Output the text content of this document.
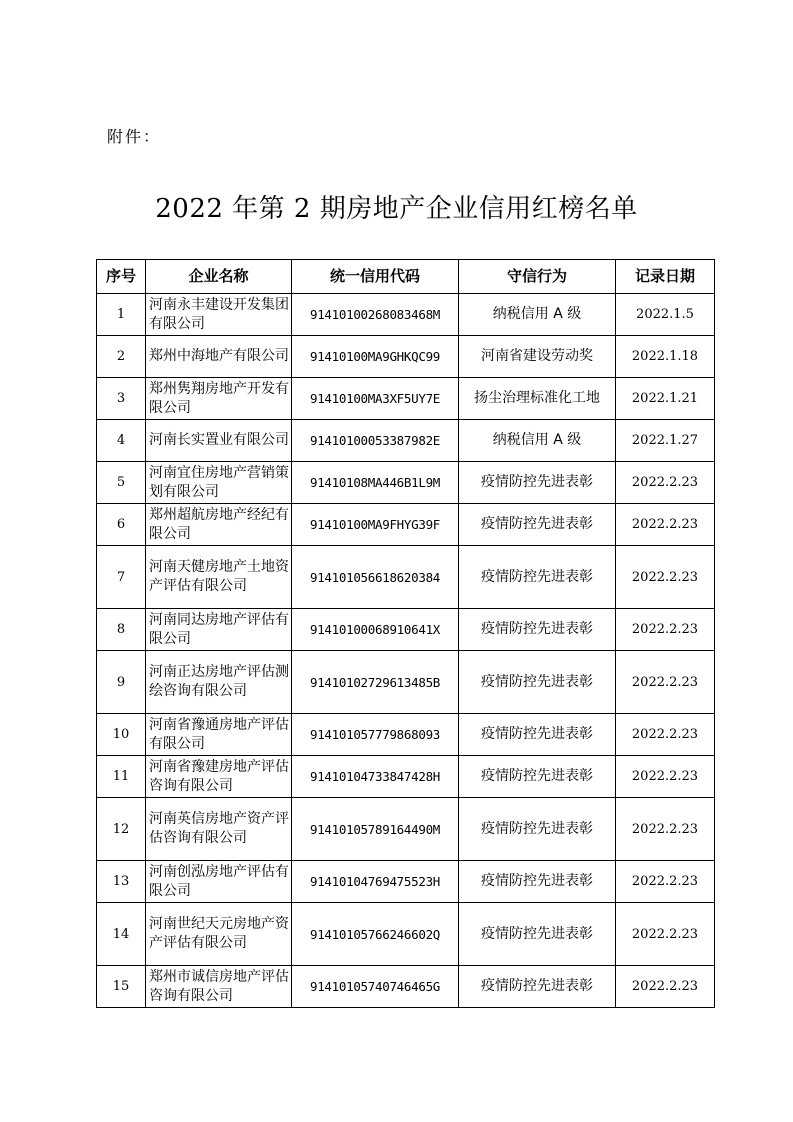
附件：
2022 年第 2 期房地产企业信用红榜名单
序号	企业名称	统一信用代码	守信行为	记录日期
1	河南永丰建设开发集团有限公司	91410100268083468M	纳税信用 A 级	2022.1.5
2	郑州中海地产有限公司	91410100MA9GHKQC99	河南省建设劳动奖	2022.1.18
3	郑州隽翔房地产开发有限公司	91410100MA3XF5UY7E	扬尘治理标准化工地	2022.1.21
4	河南长实置业有限公司	91410100053387982E	纳税信用 A 级	2022.1.27
5	河南宜住房地产营销策划有限公司	91410108MA446B1L9M	疫情防控先进表彰	2022.2.23
6	郑州超航房地产经纪有限公司	91410100MA9FHYG39F	疫情防控先进表彰	2022.2.23
7	河南天健房地产土地资产评估有限公司	914101056618620384	疫情防控先进表彰	2022.2.23
8	河南同达房地产评估有限公司	91410100068910641X	疫情防控先进表彰	2022.2.23
9	河南正达房地产评估测绘咨询有限公司	91410102729613485B	疫情防控先进表彰	2022.2.23
10	河南省豫通房地产评估有限公司	914101057779868093	疫情防控先进表彰	2022.2.23
11	河南省豫建房地产评估咨询有限公司	91410104733847428H	疫情防控先进表彰	2022.2.23
12	河南英信房地产资产评估咨询有限公司	91410105789164490M	疫情防控先进表彰	2022.2.23
13	河南创泓房地产评估有限公司	91410104769475523H	疫情防控先进表彰	2022.2.23
14	河南世纪天元房地产资产评估有限公司	91410105766246602Q	疫情防控先进表彰	2022.2.23
15	郑州市诚信房地产评估咨询有限公司	91410105740746465G	疫情防控先进表彰	2022.2.23
